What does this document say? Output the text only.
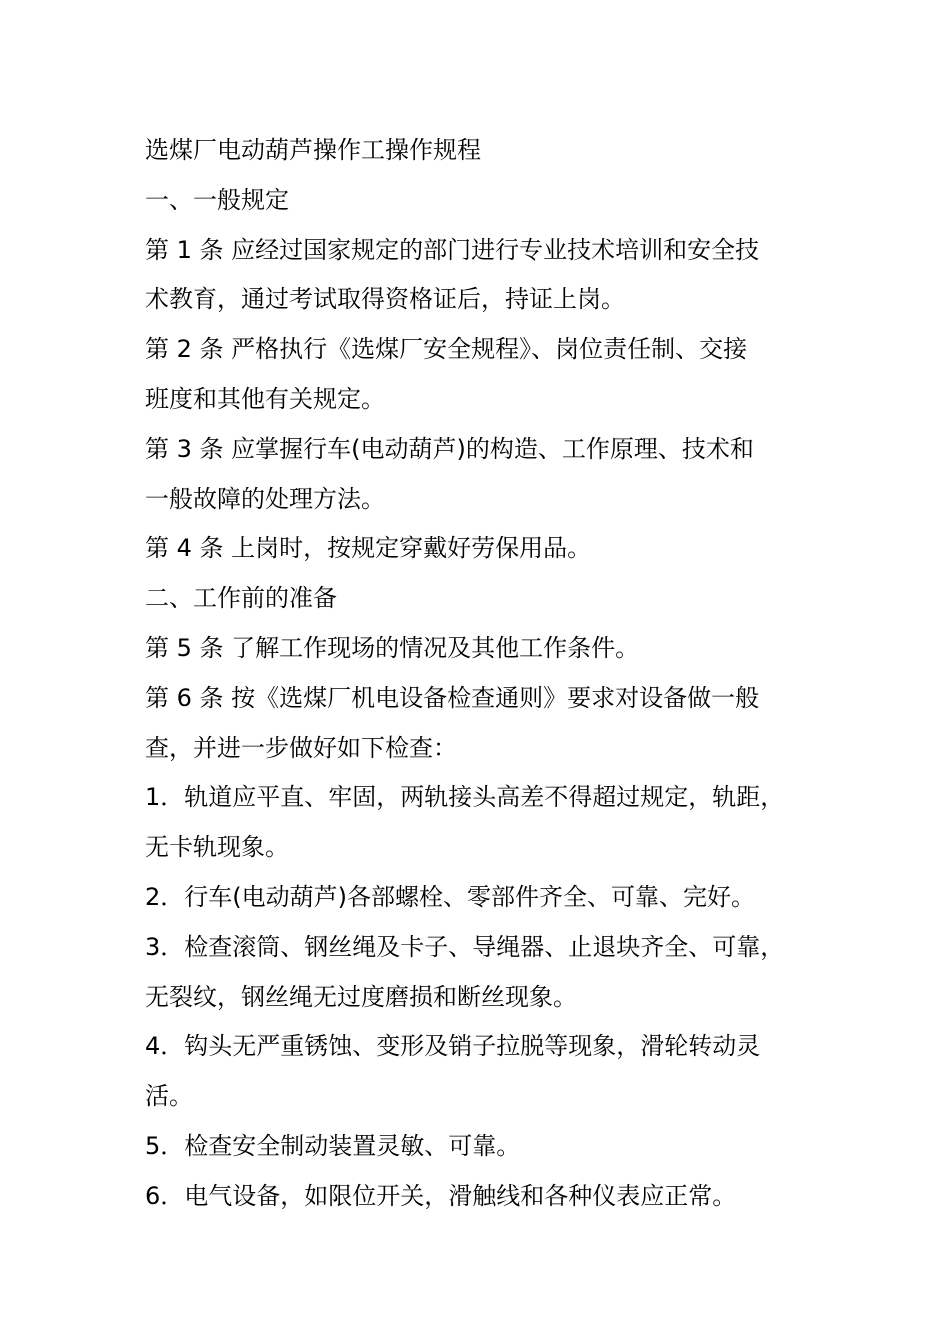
选煤厂电动葫芦操作工操作规程
一、一般规定
第 1 条 应经过国家规定的部门进行专业技术培训和安全技
术教育，通过考试取得资格证后，持证上岗。
第 2 条 严格执行《选煤厂安全规程》、岗位责任制、交接
班度和其他有关规定。
第 3 条 应掌握行车(电动葫芦)的构造、工作原理、技术和
一般故障的处理方法。
第 4 条 上岗时，按规定穿戴好劳保用品。
二、工作前的准备
第 5 条 了解工作现场的情况及其他工作条件。
第 6 条 按《选煤厂机电设备检查通则》要求对设备做一般
查，并进一步做好如下检查：
1．轨道应平直、牢固，两轨接头高差不得超过规定，轨距，
无卡轨现象。
2．行车(电动葫芦)各部螺栓、零部件齐全、可靠、完好。
3．检查滚筒、钢丝绳及卡子、导绳器、止退块齐全、可靠，
无裂纹，钢丝绳无过度磨损和断丝现象。
4．钩头无严重锈蚀、变形及销子拉脱等现象，滑轮转动灵
活。
5．检查安全制动装置灵敏、可靠。
6．电气设备，如限位开关，滑触线和各种仪表应正常。
